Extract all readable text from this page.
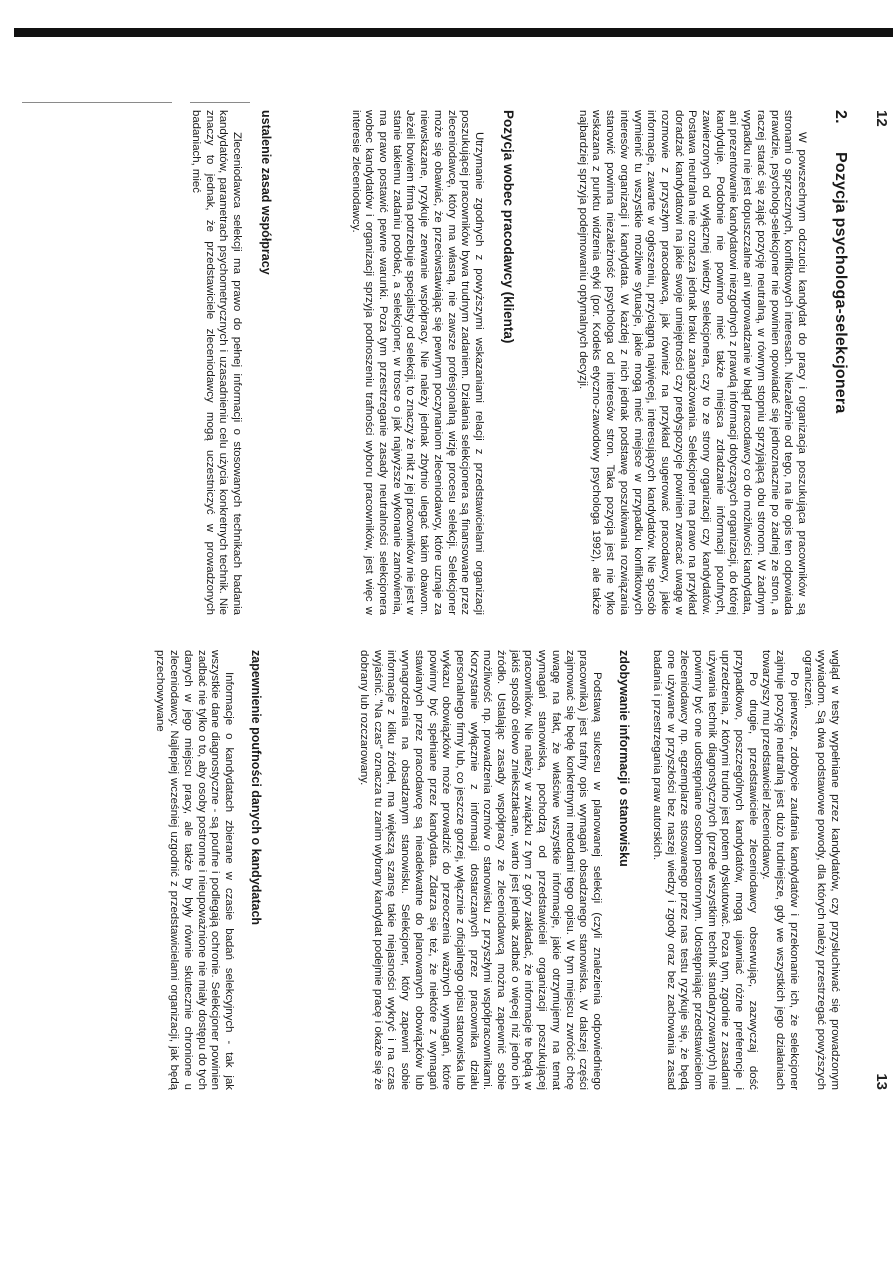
12
2.Pozycja psychologa-selekcjonera

W powszechnym odczuciu kandydat do pracy i organizacja poszukująca pracowników są stronami o sprzecznych, konfliktowych interesach. Niezależnie od tego, na ile opis ten odpowiada prawdzie, psycholog-selekcjoner nie powinien opowiadać się jednoznacznie po żadnej ze stron, a raczej starać się zająć pozycję neutralną, w równym stopniu sprzyjającą obu stronom. W żadnym wypadku nie jest dopuszczalne ani wprowadzanie w błąd pracodawcy co do możliwości kandydata, ani prezentowanie kandydatowi niezgodnych z prawdą informacji dotyczących organizacji, do której kandyduje. Podobnie nie powinno mieć także miejsca zdradzanie informacji poufnych, zawierzonych od wyłącznej wiedzy selekcjonera, czy to ze strony organizacji czy kandydatów. Postawa neutralna nie oznacza jednak braku zaangażowania. Selekcjoner ma prawo na przykład doradzać kandydatowi na jakie swoje umiejętności czy predyspozycje powinien zwracać uwagę w rozmowie z przyszłym pracodawcą, jak również na przykład sugerować pracodawcy, jakie informacje, zawarte w ogłoszeniu, przyciągną najwięcej, interesujących kandydatów. Nie sposób wymienić tu wszystkie możliwe sytuacje, jakie mogą mieć miejsce w przypadku konfliktowych interesów organizacji i kandydata. W każdej z nich jednak podstawę poszukiwania rozwiązania stanowić powinna niezależność psychologa od interesów stron. Taka pozycja jest nie tylko wskazana z punktu widzenia etyki (por. Kodeks etyczno-zawodowy psychologa 1992), ale także najbardziej sprzyja podejmowaniu optymalnych decyzji.

Pozycja wobec pracodawcy (klienta)

Utrzymanie zgodnych z powyższymi wskazaniami relacji z przedstawicielami organizacji poszukującej pracowników bywa trudnym zadaniem. Działania selekcjonera są finansowane przez zleceniodawcę, który ma własną, nie zawsze profesjonalną wizję procesu selekcji. Selekcjoner może się obawiać, że przeciwstawiając się pewnym poczynaniom zleceniodawcy, które uznaje za niewskazane, ryzykuje zerwanie współpracy. Nie należy jednak zbytnio ulegać takim obawom. Jeżeli bowiem firma potrzebuje specjalisty od selekcji, to znaczy że nikt z jej pracowników nie jest w stanie takiemu zadaniu podołać, a selekcjoner, w trosce o jak najwyższe wykonanie zamówienia, ma prawo postawić pewne warunki. Poza tym przestrzeganie zasady neutralności selekcjonera wobec kandydatów i organizacji sprzyja podnoszeniu trafności wyboru pracowników, jest więc w interesie zleceniodawcy.

ustalenie zasad współpracy

Zleceniodawca selekcji ma prawo do pełnej informacji o stosowanych technikach badania kandydatów, parametrach psychometrycznych i uzasadnieniu celu użycia konkretnych technik. Nie znaczy to jednak, że przedstawiciele zleceniodawcy mogą uczestniczyć w prowadzonych badaniach, mieć

13

wgląd w testy wypełniane przez kandydatów, czy przysłuchiwać się prowadzonym wywiadom. Są dwa podstawowe powody, dla których należy przestrzegać powyższych ograniczeń.

Po pierwsze, zdobycie zaufania kandydatów i przekonanie ich, że selekcjoner zajmuje pozycję neutralną jest dużo trudniejsze, gdy we wszystkich jego działaniach towarzyszy mu przedstawiciel zleceniodawcy.

Po drugie, przedstawiciele zleceniodawcy obserwując, zazwyczaj dość przypadkowo, poszczególnych kandydatów, mogą ujawniać różne preferencje i uprzedzenia, z którymi trudno jest potem dyskutować. Poza tym, zgodnie z zasadami używania technik diagnostycznych (przede wszystkim technik standaryzowanych) nie powinny być one udostępniane osobom postronnym. Udostępniając przedstawicielom zleceniodawcy np. egzemplarze stosowanego przez nas testu ryzykuje się, że będą one używane w przyszłości bez naszej wiedzy i zgody oraz bez zachowania zasad badania i przestrzegania praw autorskich.

zdobywanie informacji o stanowisku

Podstawą sukcesu w planowanej selekcji (czyli znalezienia odpowiedniego pracownika) jest trafny opis wymagań obsadzanego stanowiska. W dalszej części zajmować się będę konkretnymi metodami tego opisu. W tym miejscu zwrócić chcę uwagę na fakt, że właściwe wszystkie informacje, jakie otrzymujemy na temat wymagań stanowiska, pochodzą od przedstawicieli organizacji poszukującej pracowników. Nie należy w związku z tym z góry zakładać, że informacje te będą w jakiś sposób celowo zniekształcane, warto jest jednak zadbać o więcej niż jedno ich źródło. Ustalając zasady współpracy ze zleceniodawcą można zapewnić sobie możliwość np. prowadzenia rozmów o stanowisku z przyszłymi współpracownikami. Korzystanie wyłącznie z informacji dostarczanych przez pracownika działu personalnego firmy lub, co jeszcze gorzej, wyłącznie z oficjalnego opisu stanowiska lub wykazu obowiązków może prowadzić do przeoczenia ważnych wymagań, które powinny być spełniane przez kandydata. Zdarza się też, że niektóre z wymagań stawianych przez pracodawcę są nieadekwatne do planowanych obowiązków lub wynagrodzenia na obsadzanym stanowisku. Selekcjoner, który zapewni sobie informacje z kilku źródeł, ma większą szansę takie niejasności wykryć i na czas wyjaśnić. "Na czas" oznacza tu zanim wybrany kandydat podejmie pracę i okaże się że dobrany lub rozczarowany.

zapewnienie poufności danych o kandydatach

Informacje o kandydatach zbierane w czasie badań selekcyjnych - tak jak wszystkie dane diagnostyczne - są poufne i podlegają ochronie. Selekcjoner powinien zadbać nie tylko o to, aby osoby postronne i nieupoważnione nie miały dostępu do tych danych w jego miejscu pracy, ale także by były równie skutecznie chronione u zleceniodawcy. Najlepiej wcześniej uzgodnić z przedstawicielami organizacji, jak będą przechowywane
